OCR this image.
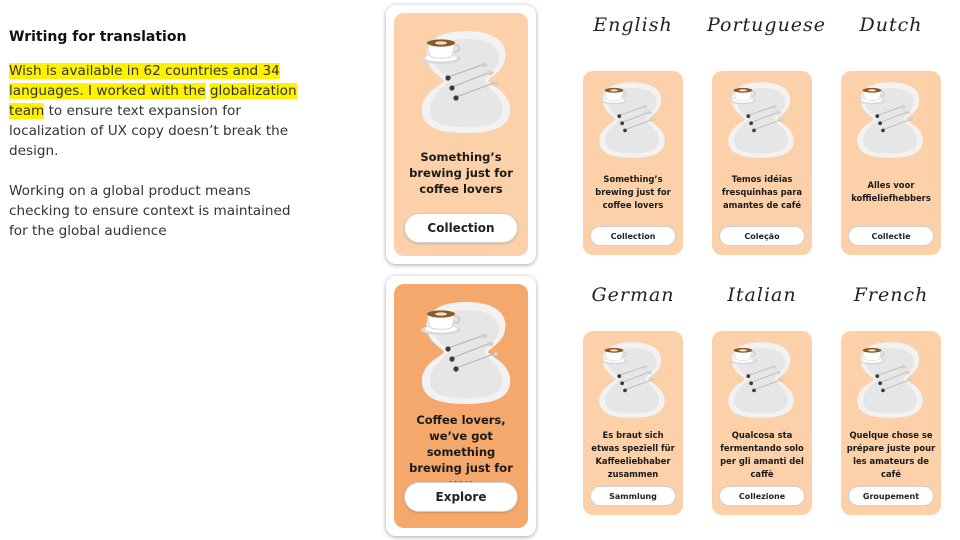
Writing for translation

Wish is available in 62 countries and 34 languages. I worked with the globalization team to ensure text expansion for localization of UX copy doesn’t break the design.

Working on a global product means checking to ensure context is maintained for the global audience

Something’s brewing just for coffee lovers
Collection
Coffee lovers, we’ve got something brewing just for
Explore
English	Portuguese	Dutch
German	Italian	French
Something’s brewing just for coffee lovers
Collection
Temos idéias fresquinhas para amantes de café
Coleção
Alles voor koffieliefhebbers
Collectie
Es braut sich etwas speziell für Kaffeeliebhaber zusammen
Sammlung
Qualcosa sta fermentando solo per gli amanti del caffè
Collezione
Quelque chose se prépare juste pour les amateurs de café
Groupement
